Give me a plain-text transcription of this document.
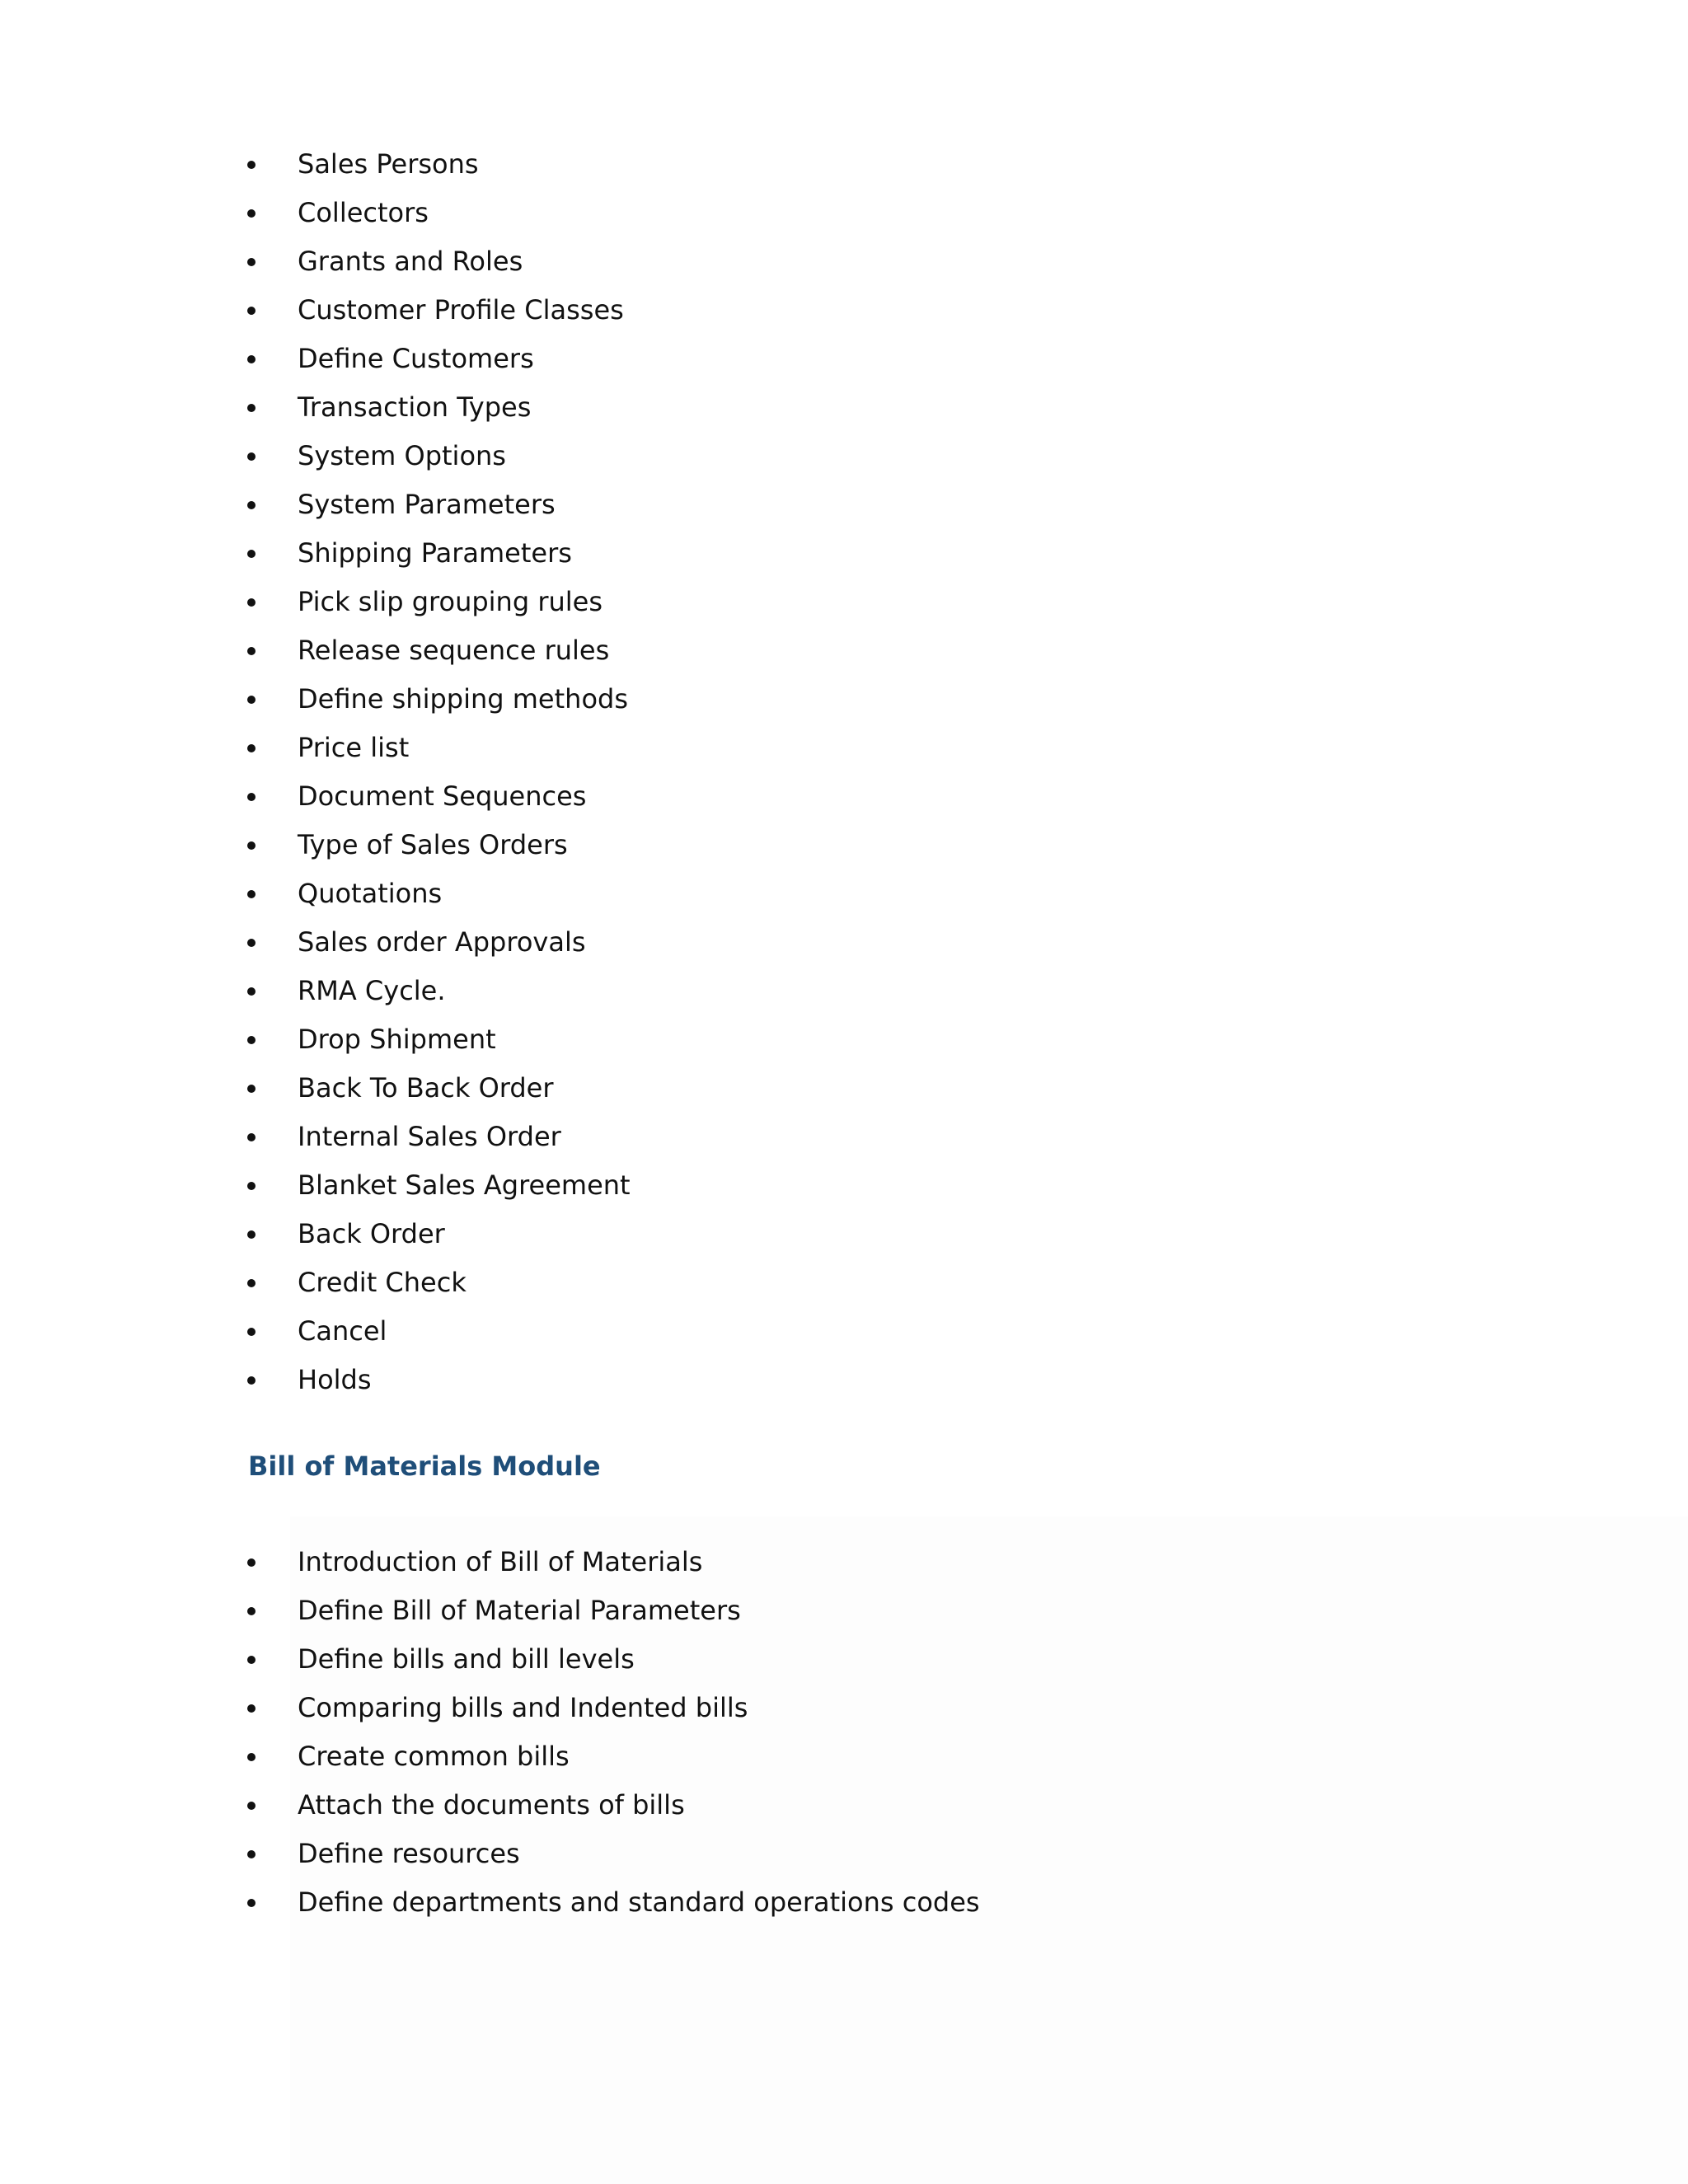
Sales Persons
Collectors
Grants and Roles
Customer Profile Classes
Define Customers
Transaction Types
System Options
System Parameters
Shipping Parameters
Pick slip grouping rules
Release sequence rules
Define shipping methods
Price list
Document Sequences
Type of Sales Orders
Quotations
Sales order Approvals
RMA Cycle.
Drop Shipment
Back To Back Order
Internal Sales Order
Blanket Sales Agreement
Back Order
Credit Check
Cancel
Holds
Bill of Materials Module
Introduction of Bill of Materials
Define Bill of Material Parameters
Define bills and bill levels
Comparing bills and Indented bills
Create common bills
Attach the documents of bills
Define resources
Define departments and standard operations codes
